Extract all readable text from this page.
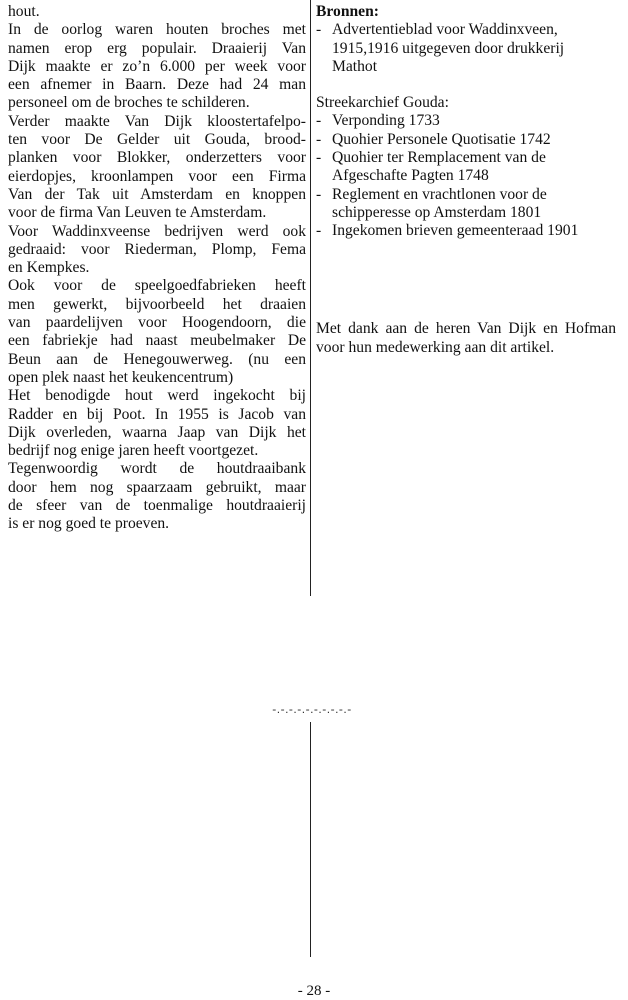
hout.

In de oorlog waren houten broches met

namen erop erg populair. Draaierij Van

Dijk maakte er zo’n 6.000 per week voor

een afnemer in Baarn. Deze had 24 man

personeel om de broches te schilderen.

Verder maakte Van Dijk kloostertafelpo-

ten voor De Gelder uit Gouda, brood-

planken voor Blokker, onderzetters voor

eierdopjes, kroonlampen voor een Firma

Van der Tak uit Amsterdam en knoppen

voor de firma Van Leuven te Amsterdam.

Voor Waddinxveense bedrijven werd ook

gedraaid: voor Riederman, Plomp, Fema

en Kempkes.

Ook voor de speelgoedfabrieken heeft

men gewerkt, bijvoorbeeld het draaien

van paardelijven voor Hoogendoorn, die

een fabriekje had naast meubelmaker De

Beun aan de Henegouwerweg. (nu een

open plek naast het keukencentrum)

Het benodigde hout werd ingekocht bij

Radder en bij Poot. In 1955 is Jacob van

Dijk overleden, waarna Jaap van Dijk het

bedrijf nog enige jaren heeft voortgezet.

Tegenwoordig wordt de houtdraaibank

door hem nog spaarzaam gebruikt, maar

de sfeer van de toenmalige houtdraaierij

is er nog goed te proeven.

Bronnen:

- Advertentieblad voor Waddinxveen, 1915,1916 uitgegeven door drukkerij Mathot

Streekarchief Gouda:

- Verponding 1733
- Quohier Personele Quotisatie 1742
- Quohier ter Remplacement van de Afgeschafte Pagten 1748
- Reglement en vrachtlonen voor de schipperesse op Amsterdam 1801
- Ingekomen brieven gemeenteraad 1901

Met dank aan de heren Van Dijk en Hofman voor hun medewerking aan dit artikel.

-.-.-.-.-.-.-.-.-.-
- 28 -
